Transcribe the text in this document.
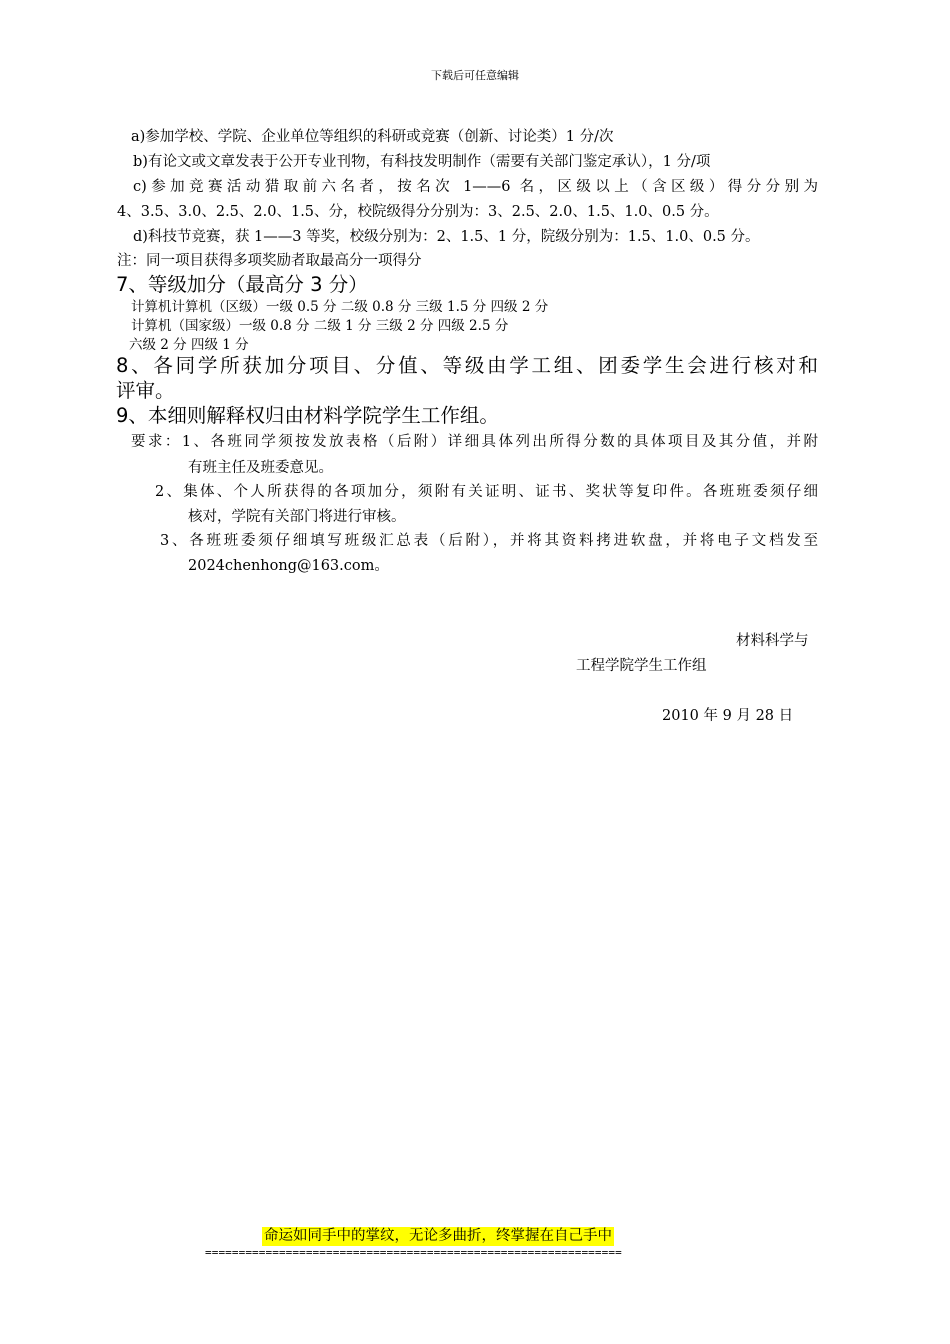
下载后可任意编辑
a)参加学校、学院、企业单位等组织的科研或竞赛（创新、讨论类）1 分/次
b)有论文或文章发表于公开专业刊物，有科技发明制作（需要有关部门鉴定承认），1 分/项
c)参加竞赛活动猎取前六名者，按名次 1——6 名，区级以上（含区级）得分分别为
4、3.5、3.0、2.5、2.0、1.5、分，校院级得分分别为：3、2.5、2.0、1.5、1.0、0.5 分。
d)科技节竞赛，获 1——3 等奖，校级分别为：2、1.5、1 分，院级分别为：1.5、1.0、0.5 分。
注：同一项目获得多项奖励者取最高分一项得分
7、等级加分（最高分 3 分）
计算机计算机（区级）一级 0.5 分 二级 0.8 分 三级 1.5 分 四级 2 分
计算机（国家级）一级 0.8 分 二级 1 分 三级 2 分 四级 2.5 分
六级 2 分 四级 1 分
8、各同学所获加分项目、分值、等级由学工组、团委学生会进行核对和
评审。
9、本细则解释权归由材料学院学生工作组。
要求：1、各班同学须按发放表格（后附）详细具体列出所得分数的具体项目及其分值，并附
有班主任及班委意见。
2、集体、个人所获得的各项加分，须附有关证明、证书、奖状等复印件。各班班委须仔细
核对，学院有关部门将进行审核。
3、各班班委须仔细填写班级汇总表（后附），并将其资料拷进软盘，并将电子文档发至
2024chenhong@163.com。
材料科学与
工程学院学生工作组
2010 年 9 月 28 日
命运如同手中的掌纹，无论多曲折，终掌握在自己手中
==============================================================
